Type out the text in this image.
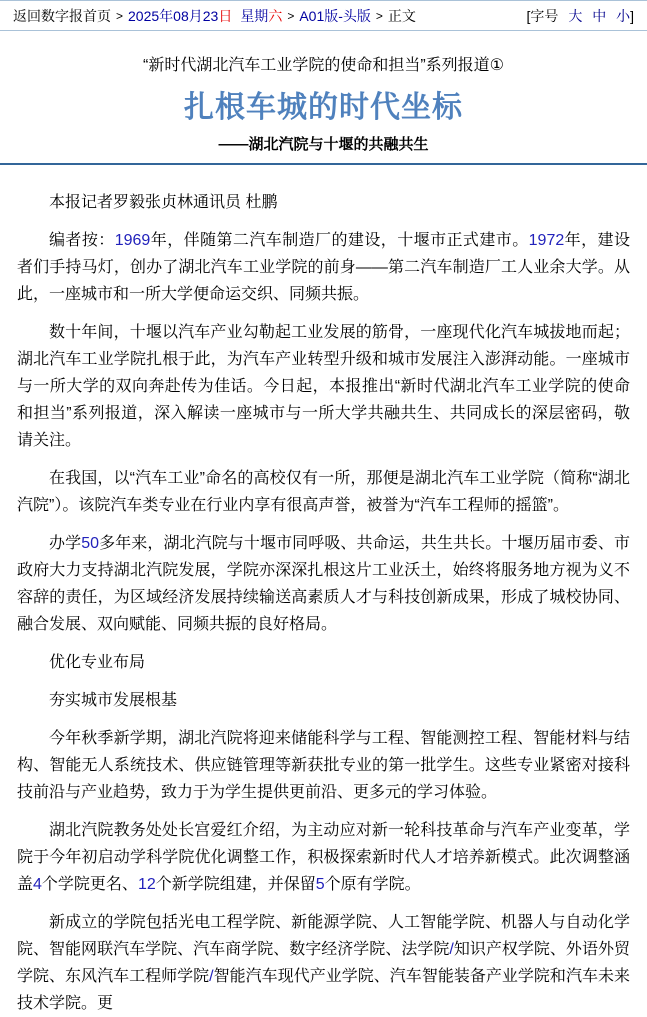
返回数字报首页 > 2025年08月23日 星期六 > A01版-头版 > 正文	[字号 大 中 小]
“新时代湖北汽车工业学院的使命和担当”系列报道①
扎根车城的时代坐标
——湖北汽院与十堰的共融共生

本报记者罗毅张贞林通讯员 杜鹏

编者按：1969年，伴随第二汽车制造厂的建设，十堰市正式建市。1972年，建设者们手持马灯，创办了湖北汽车工业学院的前身——第二汽车制造厂工人业余大学。从此，一座城市和一所大学便命运交织、同频共振。

数十年间，十堰以汽车产业勾勒起工业发展的筋骨，一座现代化汽车城拔地而起；湖北汽车工业学院扎根于此，为汽车产业转型升级和城市发展注入澎湃动能。一座城市与一所大学的双向奔赴传为佳话。今日起，本报推出“新时代湖北汽车工业学院的使命和担当”系列报道，深入解读一座城市与一所大学共融共生、共同成长的深层密码，敬请关注。

在我国，以“汽车工业”命名的高校仅有一所，那便是湖北汽车工业学院（简称“湖北汽院”）。该院汽车类专业在行业内享有很高声誉，被誉为“汽车工程师的摇篮”。

办学50多年来，湖北汽院与十堰市同呼吸、共命运，共生共长。十堰历届市委、市政府大力支持湖北汽院发展，学院亦深深扎根这片工业沃土，始终将服务地方视为义不容辞的责任，为区域经济发展持续输送高素质人才与科技创新成果，形成了城校协同、融合发展、双向赋能、同频共振的良好格局。

优化专业布局

夯实城市发展根基

今年秋季新学期，湖北汽院将迎来储能科学与工程、智能测控工程、智能材料与结构、智能无人系统技术、供应链管理等新获批专业的第一批学生。这些专业紧密对接科技前沿与产业趋势，致力于为学生提供更前沿、更多元的学习体验。

湖北汽院教务处处长宫爱红介绍，为主动应对新一轮科技革命与汽车产业变革，学院于今年初启动学科学院优化调整工作，积极探索新时代人才培养新模式。此次调整涵盖4个学院更名、12个新学院组建，并保留5个原有学院。

新成立的学院包括光电工程学院、新能源学院、人工智能学院、机器人与自动化学院、智能网联汽车学院、汽车商学院、数字经济学院、法学院/知识产权学院、外语外贸学院、东风汽车工程师学院/智能汽车现代产业学院、汽车智能装备产业学院和汽车未来技术学院。更
